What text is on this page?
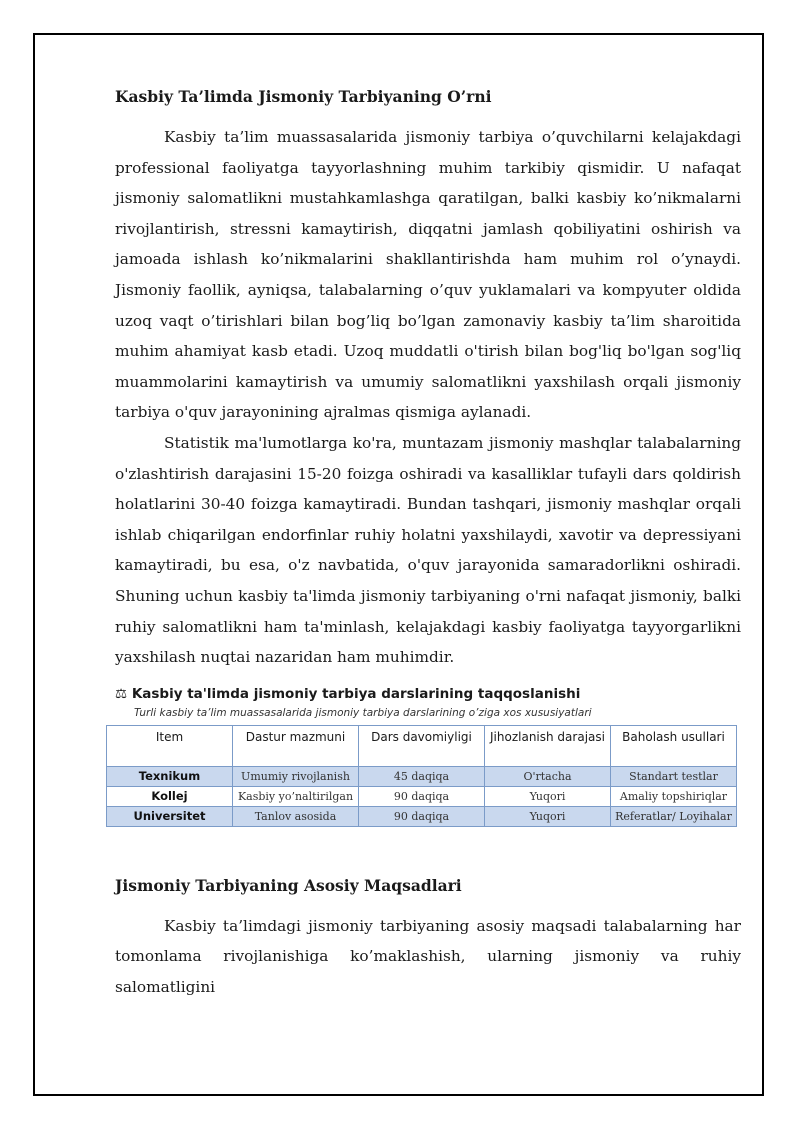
Kasbiy Ta’limda Jismoniy Tarbiyaning O’rni

Kasbiy ta’lim muassasalarida jismoniy tarbiya o’quvchilarni kelajakdagi professional faoliyatga tayyorlashning muhim tarkibiy qismidir. U nafaqat jismoniy salomatlikni mustahkamlashga qaratilgan, balki kasbiy ko’nikmalarni rivojlantirish, stressni kamaytirish, diqqatni jamlash qobiliyatini oshirish va jamoada ishlash ko’nikmalarini shakllantirishda ham muhim rol o’ynaydi. Jismoniy faollik, ayniqsa, talabalarning o’quv yuklamalari va kompyuter oldida uzoq vaqt o’tirishlari bilan bog’liq bo’lgan zamonaviy kasbiy ta’lim sharoitida muhim ahamiyat kasb etadi. Uzoq muddatli o'tirish bilan bog'liq bo'lgan sog'liq muammolarini kamaytirish va umumiy salomatlikni yaxshilash orqali jismoniy tarbiya o'quv jarayonining ajralmas qismiga aylanadi.

Statistik ma'lumotlarga ko'ra, muntazam jismoniy mashqlar talabalarning o'zlashtirish darajasini 15-20 foizga oshiradi va kasalliklar tufayli dars qoldirish holatlarini 30-40 foizga kamaytiradi. Bundan tashqari, jismoniy mashqlar orqali ishlab chiqarilgan endorfinlar ruhiy holatni yaxshilaydi, xavotir va depressiyani kamaytiradi, bu esa, o'z navbatida, o'quv jarayonida samaradorlikni oshiradi. Shuning uchun kasbiy ta'limda jismoniy tarbiyaning o'rni nafaqat jismoniy, balki ruhiy salomatlikni ham ta'minlash, kelajakdagi kasbiy faoliyatga tayyorgarlikni yaxshilash nuqtai nazaridan ham muhimdir.

⚖ Kasbiy ta'limda jismoniy tarbiya darslarining taqqoslanishi
Turli kasbiy ta’lim muassasalarida jismoniy tarbiya darslarining o’ziga xos xususiyatlari
Item	Dastur mazmuni	Dars davomiyligi	Jihozlanish darajasi	Baholash usullari
Texnikum	Umumiy rivojlanish	45 daqiqa	O'rtacha	Standart testlar
Kollej	Kasbiy yo’naltirilgan	90 daqiqa	Yuqori	Amaliy topshiriqlar
Universitet	Tanlov asosida	90 daqiqa	Yuqori	Referatlar/ Loyihalar
Jismoniy Tarbiyaning Asosiy Maqsadlari

Kasbiy ta’limdagi jismoniy tarbiyaning asosiy maqsadi talabalarning har tomonlama rivojlanishiga ko’maklashish, ularning jismoniy va ruhiy salomatligini
